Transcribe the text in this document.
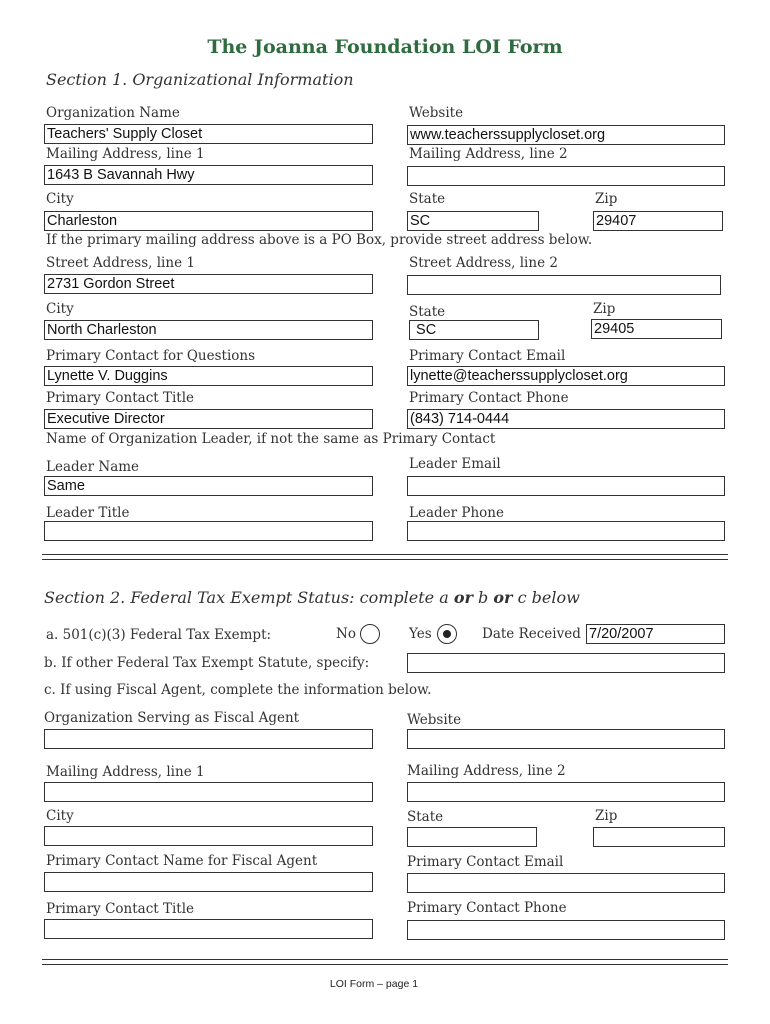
The Joanna Foundation LOI Form
Section 1. Organizational Information
Organization Name	Website
Teachers' Supply Closet	www.teacherssupplycloset.org
Mailing Address, line 1	Mailing Address, line 2
1643 B Savannah Hwy
City	State	Zip
Charleston	SC	29407
If the primary mailing address above is a PO Box, provide street address below.
Street Address, line 1	Street Address, line 2
2731 Gordon Street
City	State	Zip
North Charleston	SC	29405
Primary Contact for Questions	Primary Contact Email
Lynette V. Duggins	lynette@teacherssupplycloset.org
Primary Contact Title	Primary Contact Phone
Executive Director	(843) 714-0444
Name of Organization Leader, if not the same as Primary Contact
Leader Name	Leader Email
Same
Leader Title	Leader Phone
Section 2. Federal Tax Exempt Status: complete a or b or c below
a. 501(c)(3) Federal Tax Exempt:	No	Yes	Date Received 7/20/2007
b. If other Federal Tax Exempt Statute, specify:
c. If using Fiscal Agent, complete the information below.
Organization Serving as Fiscal Agent	Website
Mailing Address, line 1	Mailing Address, line 2
City	State	Zip
Primary Contact Name for Fiscal Agent	Primary Contact Email
Primary Contact Title	Primary Contact Phone
LOI Form – page 1
